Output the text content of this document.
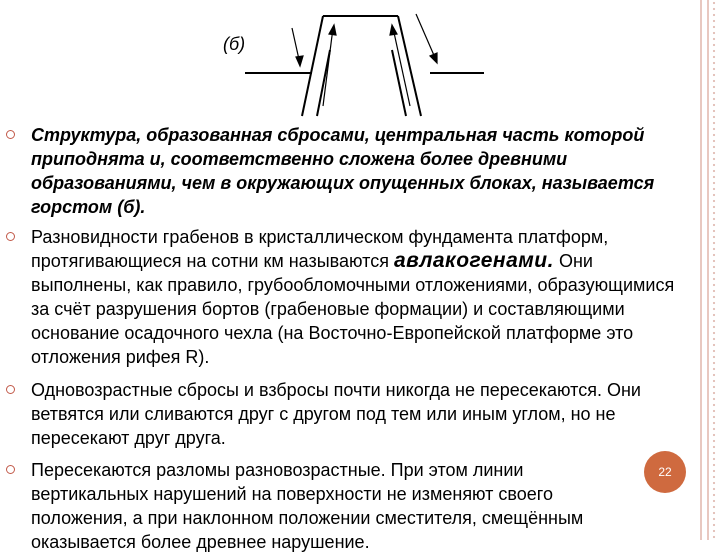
(б)

Структура, образованная сбросами, центральная часть которой приподнята и, соответственно сложена более древними образованиями, чем в окружающих опущенных блоках, называется горстом (б).

Разновидности грабенов в кристаллическом фундамента платформ, протягивающиеся на сотни км называются авлакогенами. Они выполнены, как правило, грубообломочными отложениями, образующимися за счёт разрушения бортов (грабеновые формации) и составляющими основание осадочного чехла (на Восточно-Европейской платформе это отложения рифея R).

Одновозрастные сбросы и взбросы почти никогда не пересекаются. Они ветвятся или сливаются друг с другом под тем или иным углом, но не пересекают друг друга.

Пересекаются разломы разновозрастные. При этом линии вертикальных нарушений на поверхности не изменяют своего положения, а при наклонном положении сместителя, смещённым оказывается более древнее нарушение.

22
